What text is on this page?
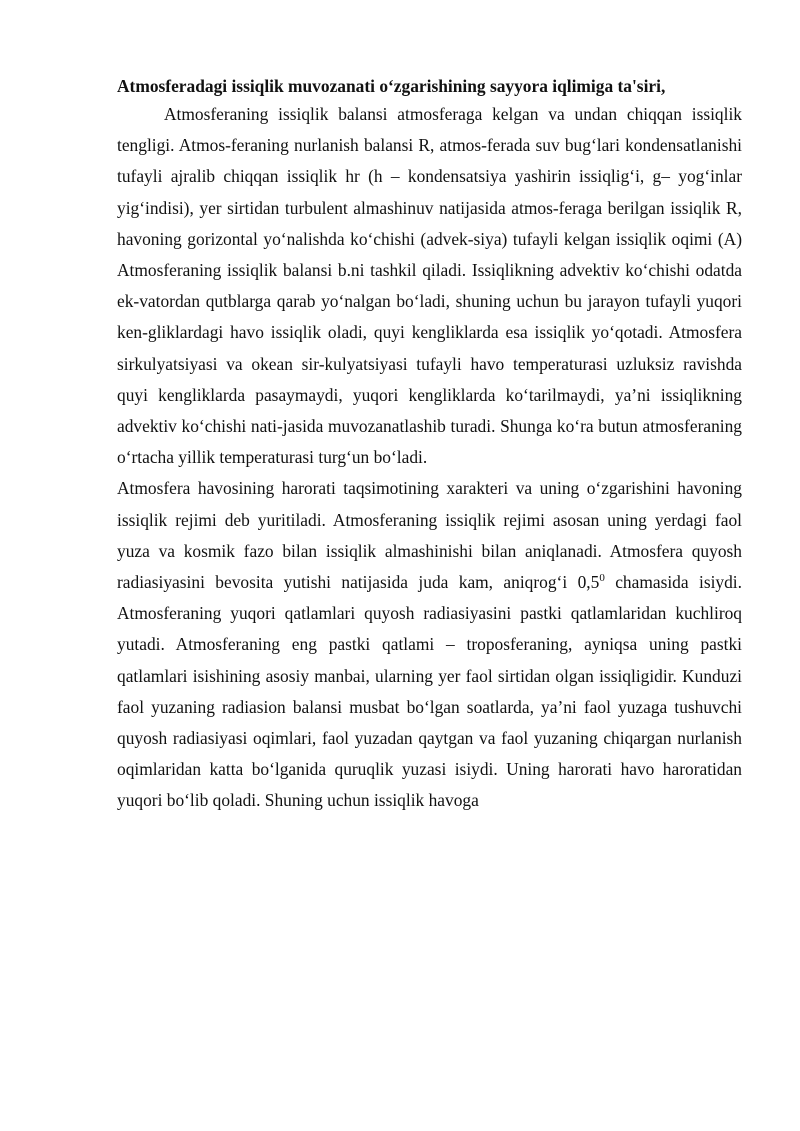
Atmosferadagi issiqlik muvozanati o‘zgarishining sayyora iqlimiga ta'siri,

Atmosferaning issiqlik balansi atmosferaga kelgan va undan chiqqan issiqlik tengligi. Atmos-feraning nurlanish balansi R, atmos-ferada suv bug‘lari kondensatlanishi tufayli ajralib chiqqan issiqlik hr (h – kondensatsiya yashirin issiqlig‘i, g– yog‘inlar yig‘indisi), yer sirtidan turbulent almashinuv natijasida atmos-feraga berilgan issiqlik R, havoning gorizontal yo‘nalishda ko‘chishi (advek-siya) tufayli kelgan issiqlik oqimi (A) Atmosferaning issiqlik balansi b.ni tashkil qiladi. Issiqlikning advektiv ko‘chishi odatda ek-vatordan qutblarga qarab yo‘nalgan bo‘ladi, shuning uchun bu jarayon tufayli yuqori ken-gliklardagi havo issiqlik oladi, quyi kengliklarda esa issiqlik yo‘qotadi. Atmosfera sirkulyatsiyasi va okean sir-kulyatsiyasi tufayli havo temperaturasi uzluksiz ravishda quyi kengliklarda pasaymaydi, yuqori kengliklarda ko‘tarilmaydi, ya’ni issiqlikning advektiv ko‘chishi nati-jasida muvozanatlashib turadi. Shunga ko‘ra butun atmosferaning o‘rtacha yillik temperaturasi turg‘un bo‘ladi.

Atmosfera havosining harorati taqsimotining xarakteri va uning o‘zgarishini havoning issiqlik rejimi deb yuritiladi. Atmosferaning issiqlik rejimi asosan uning yerdagi faol yuza va kosmik fazo bilan issiqlik almashinishi bilan aniqlanadi. Atmosfera quyosh radiasiyasini bevosita yutishi natijasida juda kam, aniqrog‘i $0,5^0$ chamasida isiydi. Atmosferaning yuqori qatlamlari quyosh radiasiyasini pastki qatlamlaridan kuchliroq yutadi. Atmosferaning eng pastki qatlami – troposferaning, ayniqsa uning pastki qatlamlari isishining asosiy manbai, ularning yer faol sirtidan olgan issiqligidir. Kunduzi faol yuzaning radiasion balansi musbat bo‘lgan soatlarda, ya’ni faol yuzaga tushuvchi quyosh radiasiyasi oqimlari, faol yuzadan qaytgan va faol yuzaning chiqargan nurlanish oqimlaridan katta bo‘lganida quruqlik yuzasi isiydi. Uning harorati havo haroratidan yuqori bo‘lib qoladi. Shuning uchun issiqlik havoga
